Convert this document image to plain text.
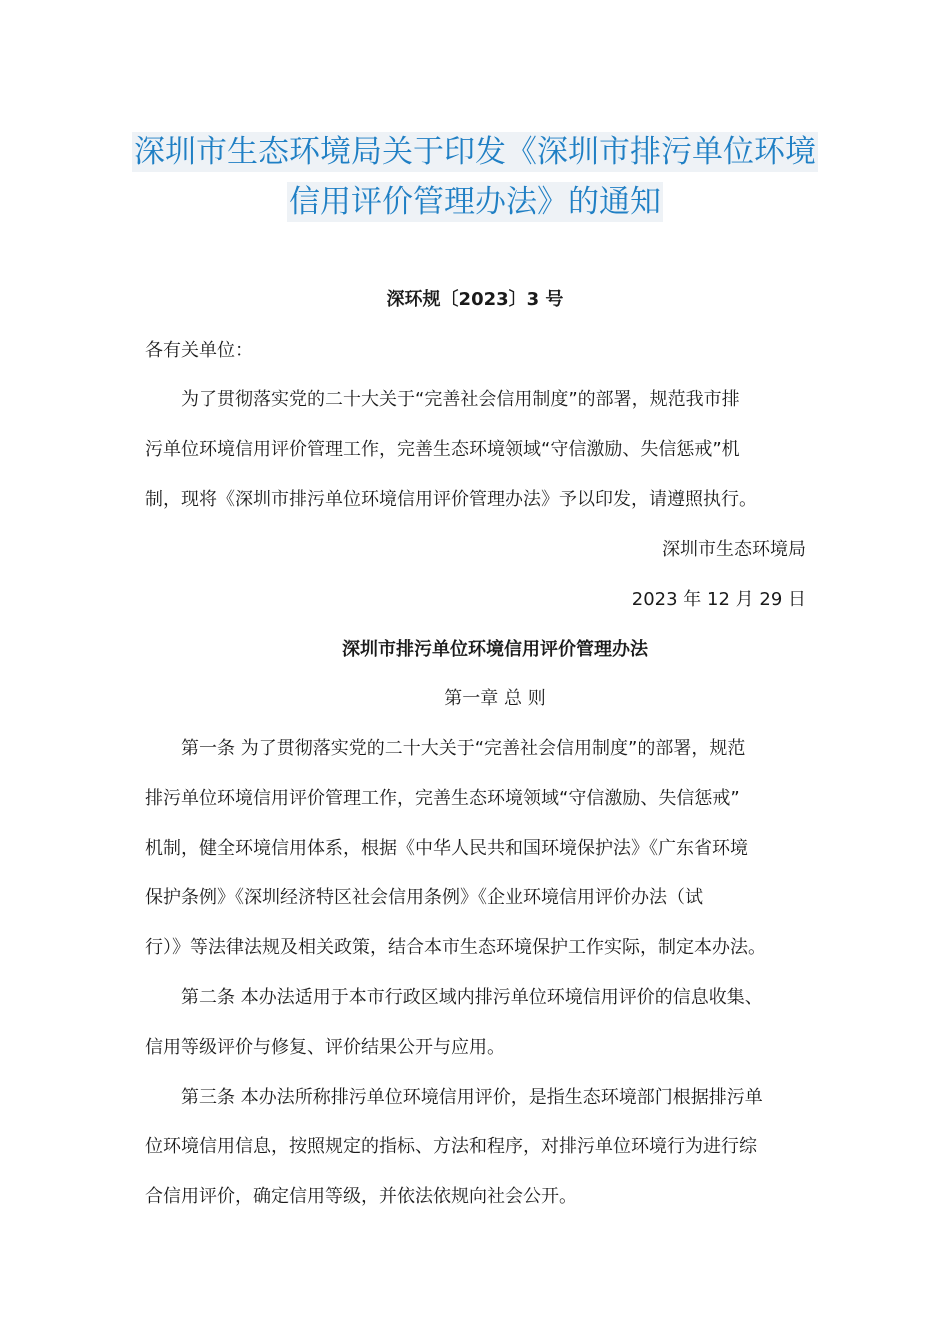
深圳市生态环境局关于印发《深圳市排污单位环境
信用评价管理办法》的通知
深环规〔2023〕3 号
各有关单位：
为了贯彻落实党的二十大关于“完善社会信用制度”的部署，规范我市排
污单位环境信用评价管理工作，完善生态环境领域“守信激励、失信惩戒”机
制，现将《深圳市排污单位环境信用评价管理办法》予以印发，请遵照执行。
深圳市生态环境局
2023 年 12 月 29 日
深圳市排污单位环境信用评价管理办法
第一章 总 则
第一条 为了贯彻落实党的二十大关于“完善社会信用制度”的部署，规范
排污单位环境信用评价管理工作，完善生态环境领域“守信激励、失信惩戒”
机制，健全环境信用体系，根据《中华人民共和国环境保护法》《广东省环境
保护条例》《深圳经济特区社会信用条例》《企业环境信用评价办法（试
行）》等法律法规及相关政策，结合本市生态环境保护工作实际，制定本办法。
第二条 本办法适用于本市行政区域内排污单位环境信用评价的信息收集、
信用等级评价与修复、评价结果公开与应用。
第三条 本办法所称排污单位环境信用评价，是指生态环境部门根据排污单
位环境信用信息，按照规定的指标、方法和程序，对排污单位环境行为进行综
合信用评价，确定信用等级，并依法依规向社会公开。
